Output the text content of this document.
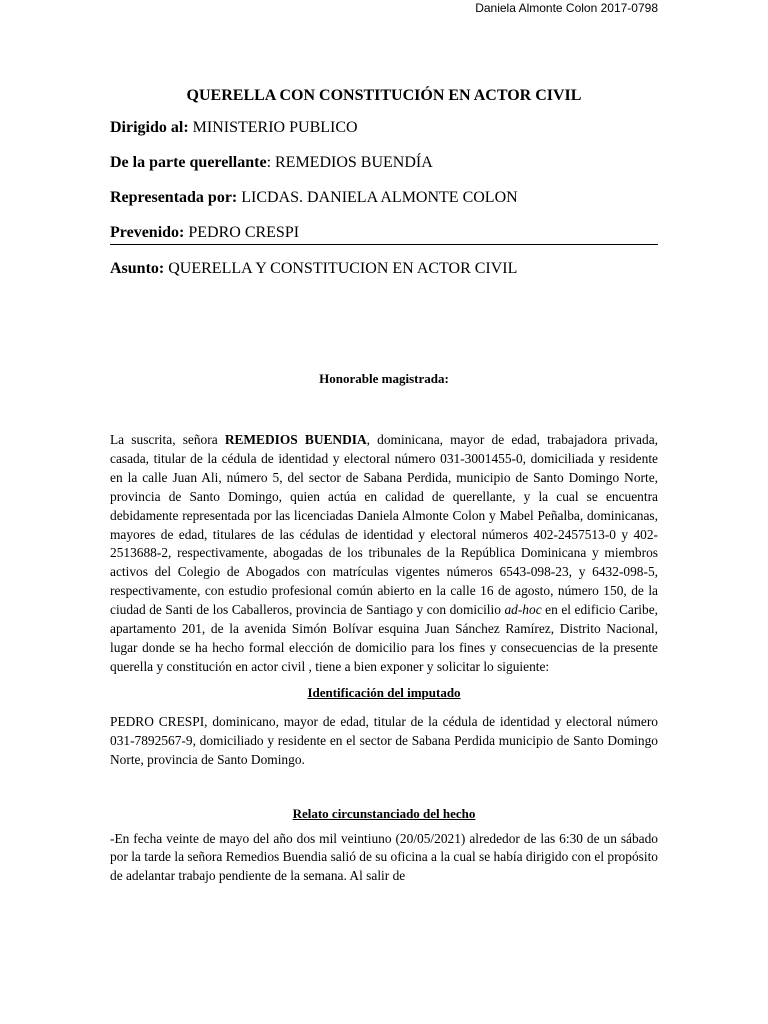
Daniela Almonte Colon 2017-0798
QUERELLA CON CONSTITUCIÓN EN ACTOR CIVIL
Dirigido al: MINISTERIO PUBLICO
De la parte querellante: REMEDIOS BUENDÍA
Representada por: LICDAS. DANIELA ALMONTE COLON
Prevenido: PEDRO CRESPI
Asunto: QUERELLA Y CONSTITUCION EN ACTOR CIVIL
Honorable magistrada:

La suscrita, señora REMEDIOS BUENDIA, dominicana, mayor de edad, trabajadora privada, casada, titular de la cédula de identidad y electoral número 031-3001455-0, domiciliada y residente en la calle Juan Ali, número 5, del sector de Sabana Perdida, municipio de Santo Domingo Norte, provincia de Santo Domingo, quien actúa en calidad de querellante, y la cual se encuentra debidamente representada por las licenciadas Daniela Almonte Colon y Mabel Peñalba, dominicanas, mayores de edad, titulares de las cédulas de identidad y electoral números 402-2457513-0 y 402-2513688-2, respectivamente, abogadas de los tribunales de la República Dominicana y miembros activos del Colegio de Abogados con matrículas vigentes números 6543-098-23, y 6432-098-5, respectivamente, con estudio profesional común abierto en la calle 16 de agosto, número 150, de la ciudad de Santi de los Caballeros, provincia de Santiago y con domicilio ad-hoc en el edificio Caribe, apartamento 201, de la avenida Simón Bolívar esquina Juan Sánchez Ramírez, Distrito Nacional, lugar donde se ha hecho formal elección de domicilio para los fines y consecuencias de la presente querella y constitución en actor civil , tiene a bien exponer y solicitar lo siguiente:

Identificación del imputado

PEDRO CRESPI, dominicano, mayor de edad, titular de la cédula de identidad y electoral número 031-7892567-9, domiciliado y residente en el sector de Sabana Perdida municipio de Santo Domingo Norte, provincia de Santo Domingo.

Relato circunstanciado del hecho

-En fecha veinte de mayo del año dos mil veintiuno (20/05/2021) alrededor de las 6:30 de un sábado por la tarde la señora Remedios Buendia salió de su oficina a la cual se había dirigido con el propósito de adelantar trabajo pendiente de la semana. Al salir de
